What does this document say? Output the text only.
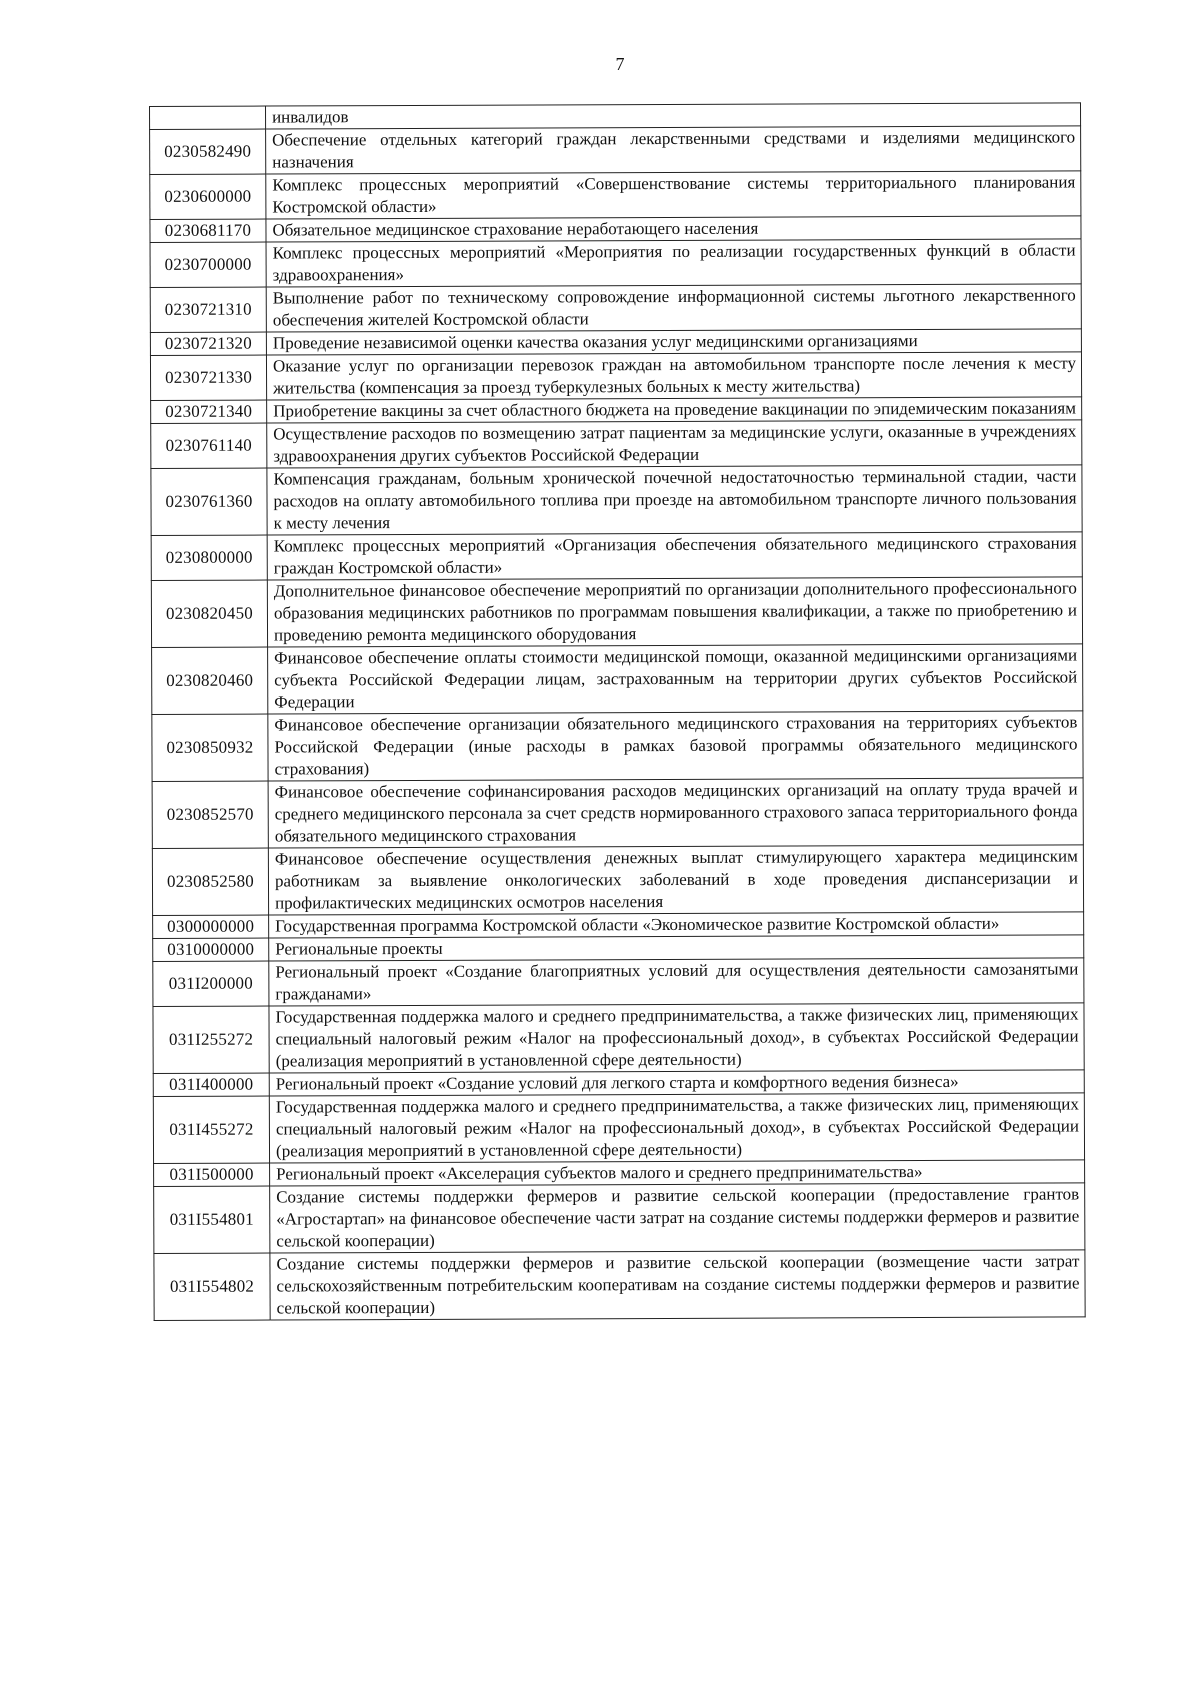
7
	инвалидов
0230582490	Обеспечение отдельных категорий граждан лекарственными средствами и изделиями медицинского назначения
0230600000	Комплекс процессных мероприятий «Совершенствование системы территориального планирования Костромской области»
0230681170	Обязательное медицинское страхование неработающего населения
0230700000	Комплекс процессных мероприятий «Мероприятия по реализации государственных функций в области здравоохранения»
0230721310	Выполнение работ по техническому сопровождение информационной системы льготного лекарственного обеспечения жителей Костромской области
0230721320	Проведение независимой оценки качества оказания услуг медицинскими организациями
0230721330	Оказание услуг по организации перевозок граждан на автомобильном транспорте после лечения к месту жительства (компенсация за проезд туберкулезных больных к месту жительства)
0230721340	Приобретение вакцины за счет областного бюджета на проведение вакцинации по эпидемическим показаниям
0230761140	Осуществление расходов по возмещению затрат пациентам за медицинские услуги, оказанные в учреждениях здравоохранения других субъектов Российской Федерации
0230761360	Компенсация гражданам, больным хронической почечной недостаточностью терминальной стадии, части расходов на оплату автомобильного топлива при проезде на автомобильном транспорте личного пользования к месту лечения
0230800000	Комплекс процессных мероприятий «Организация обеспечения обязательного медицинского страхования граждан Костромской области»
0230820450	Дополнительное финансовое обеспечение мероприятий по организации дополнительного профессионального образования медицинских работников по программам повышения квалификации, а также по приобретению и проведению ремонта медицинского оборудования
0230820460	Финансовое обеспечение оплаты стоимости медицинской помощи, оказанной медицинскими организациями субъекта Российской Федерации лицам, застрахованным на территории других субъектов Российской Федерации
0230850932	Финансовое обеспечение организации обязательного медицинского страхования на территориях субъектов Российской Федерации (иные расходы в рамках базовой программы обязательного медицинского страхования)
0230852570	Финансовое обеспечение софинансирования расходов медицинских организаций на оплату труда врачей и среднего медицинского персонала за счет средств нормированного страхового запаса территориального фонда обязательного медицинского страхования
0230852580	Финансовое обеспечение осуществления денежных выплат стимулирующего характера медицинским работникам за выявление онкологических заболеваний в ходе проведения диспансеризации и профилактических медицинских осмотров населения
0300000000	Государственная программа Костромской области «Экономическое развитие Костромской области»
0310000000	Региональные проекты
031I200000	Региональный проект «Создание благоприятных условий для осуществления деятельности самозанятыми гражданами»
031I255272	Государственная поддержка малого и среднего предпринимательства, а также физических лиц, применяющих специальный налоговый режим «Налог на профессиональный доход», в субъектах Российской Федерации (реализация мероприятий в установленной сфере деятельности)
031I400000	Региональный проект «Создание условий для легкого старта и комфортного ведения бизнеса»
031I455272	Государственная поддержка малого и среднего предпринимательства, а также физических лиц, применяющих специальный налоговый режим «Налог на профессиональный доход», в субъектах Российской Федерации (реализация мероприятий в установленной сфере деятельности)
031I500000	Региональный проект «Акселерация субъектов малого и среднего предпринимательства»
031I554801	Создание системы поддержки фермеров и развитие сельской кооперации (предоставление грантов «Агростартап» на финансовое обеспечение части затрат на создание системы поддержки фермеров и развитие сельской кооперации)
031I554802	Создание системы поддержки фермеров и развитие сельской кооперации (возмещение части затрат сельскохозяйственным потребительским кооперативам на создание системы поддержки фермеров и развитие сельской кооперации)
